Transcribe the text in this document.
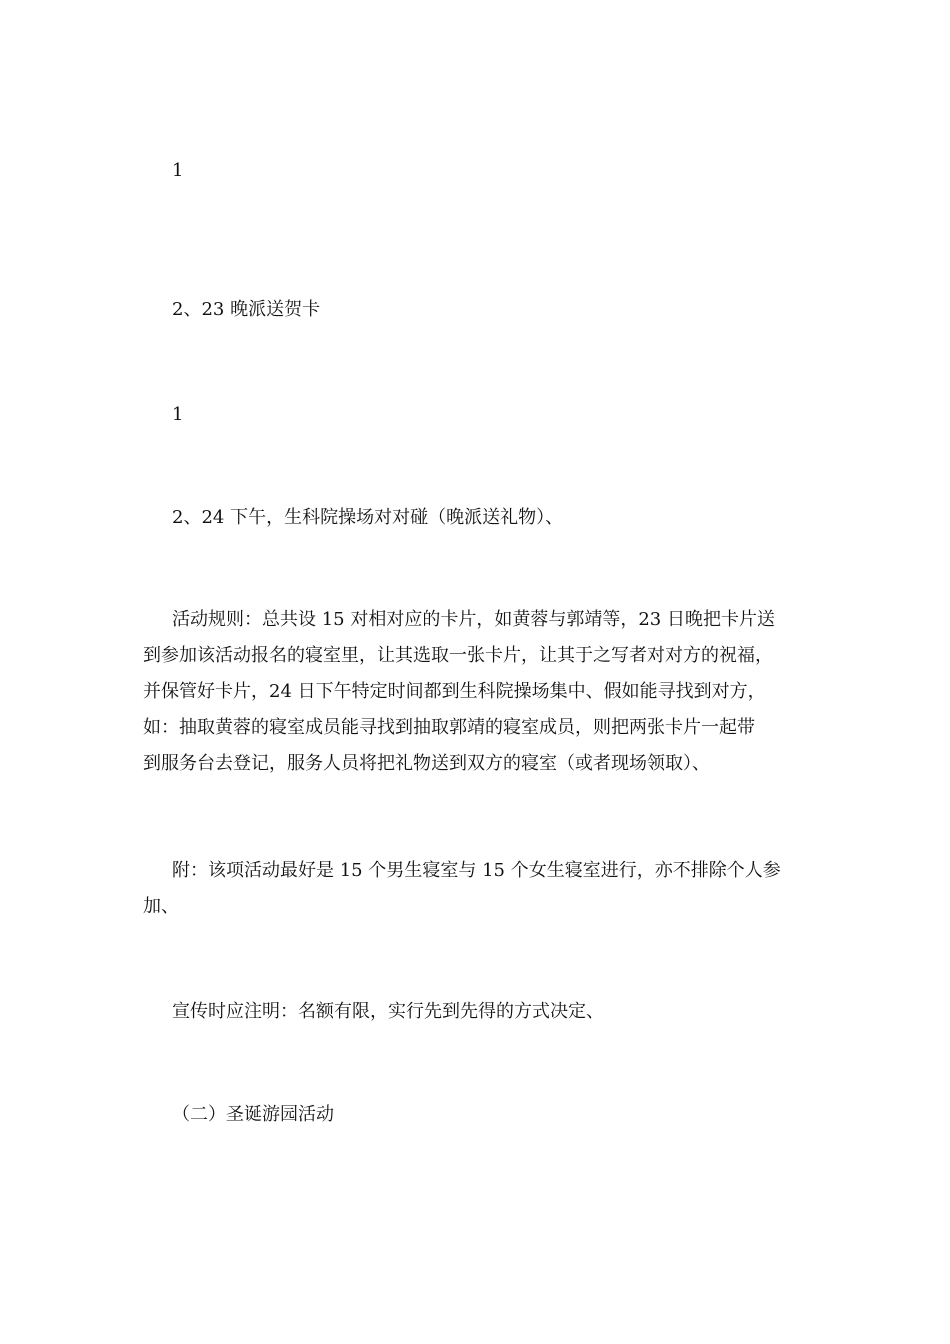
1
2、23 晚派送贺卡
1
2、24 下午，生科院操场对对碰（晚派送礼物）、
活动规则：总共设 15 对相对应的卡片，如黄蓉与郭靖等，23 日晚把卡片送
到参加该活动报名的寝室里，让其选取一张卡片，让其于之写者对对方的祝福，
并保管好卡片，24 日下午特定时间都到生科院操场集中、假如能寻找到对方，
如：抽取黄蓉的寝室成员能寻找到抽取郭靖的寝室成员，则把两张卡片一起带
到服务台去登记，服务人员将把礼物送到双方的寝室（或者现场领取）、
附：该项活动最好是 15 个男生寝室与 15 个女生寝室进行，亦不排除个人参
加、
宣传时应注明：名额有限，实行先到先得的方式决定、
（二）圣诞游园活动
